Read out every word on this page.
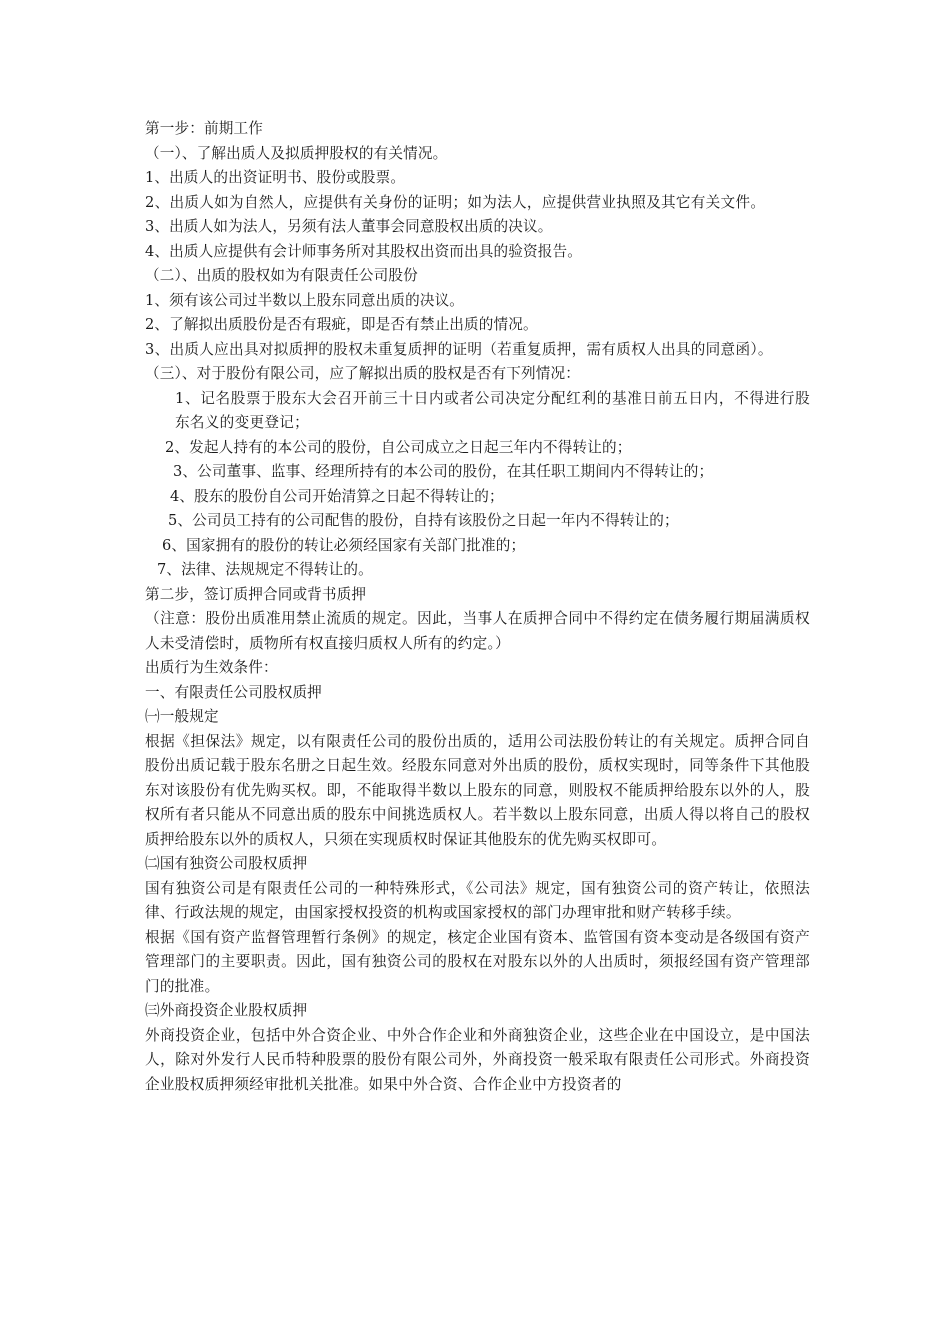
第一步：前期工作
（一）、了解出质人及拟质押股权的有关情况。
1、出质人的出资证明书、股份或股票。
2、出质人如为自然人，应提供有关身份的证明；如为法人，应提供营业执照及其它有关文件。
3、出质人如为法人，另须有法人董事会同意股权出质的决议。
4、出质人应提供有会计师事务所对其股权出资而出具的验资报告。
（二）、出质的股权如为有限责任公司股份
1、须有该公司过半数以上股东同意出质的决议。
2、了解拟出质股份是否有瑕疵，即是否有禁止出质的情况。
3、出质人应出具对拟质押的股权未重复质押的证明（若重复质押，需有质权人出具的同意函）。
（三）、对于股份有限公司，应了解拟出质的股权是否有下列情况：
1、记名股票于股东大会召开前三十日内或者公司决定分配红利的基准日前五日内，不得进行股东名义的变更登记；
2、发起人持有的本公司的股份，自公司成立之日起三年内不得转让的；
3、公司董事、监事、经理所持有的本公司的股份，在其任职工期间内不得转让的；
4、股东的股份自公司开始清算之日起不得转让的；
5、公司员工持有的公司配售的股份，自持有该股份之日起一年内不得转让的；
6、国家拥有的股份的转让必须经国家有关部门批准的；
7、法律、法规规定不得转让的。
第二步，签订质押合同或背书质押
（注意：股份出质准用禁止流质的规定。因此，当事人在质押合同中不得约定在债务履行期届满质权人未受清偿时，质物所有权直接归质权人所有的约定。）
出质行为生效条件：
一、有限责任公司股权质押
㈠一般规定
根据《担保法》规定，以有限责任公司的股份出质的，适用公司法股份转让的有关规定。质押合同自股份出质记载于股东名册之日起生效。经股东同意对外出质的股份，质权实现时，同等条件下其他股东对该股份有优先购买权。即，不能取得半数以上股东的同意，则股权不能质押给股东以外的人，股权所有者只能从不同意出质的股东中间挑选质权人。若半数以上股东同意，出质人得以将自己的股权质押给股东以外的质权人，只须在实现质权时保证其他股东的优先购买权即可。
㈡国有独资公司股权质押
国有独资公司是有限责任公司的一种特殊形式，《公司法》规定，国有独资公司的资产转让，依照法律、行政法规的规定，由国家授权投资的机构或国家授权的部门办理审批和财产转移手续。
根据《国有资产监督管理暂行条例》的规定，核定企业国有资本、监管国有资本变动是各级国有资产管理部门的主要职责。因此，国有独资公司的股权在对股东以外的人出质时，须报经国有资产管理部门的批准。
㈢外商投资企业股权质押
外商投资企业，包括中外合资企业、中外合作企业和外商独资企业，这些企业在中国设立，是中国法人，除对外发行人民币特种股票的股份有限公司外，外商投资一般采取有限责任公司形式。外商投资企业股权质押须经审批机关批准。如果中外合资、合作企业中方投资者的
